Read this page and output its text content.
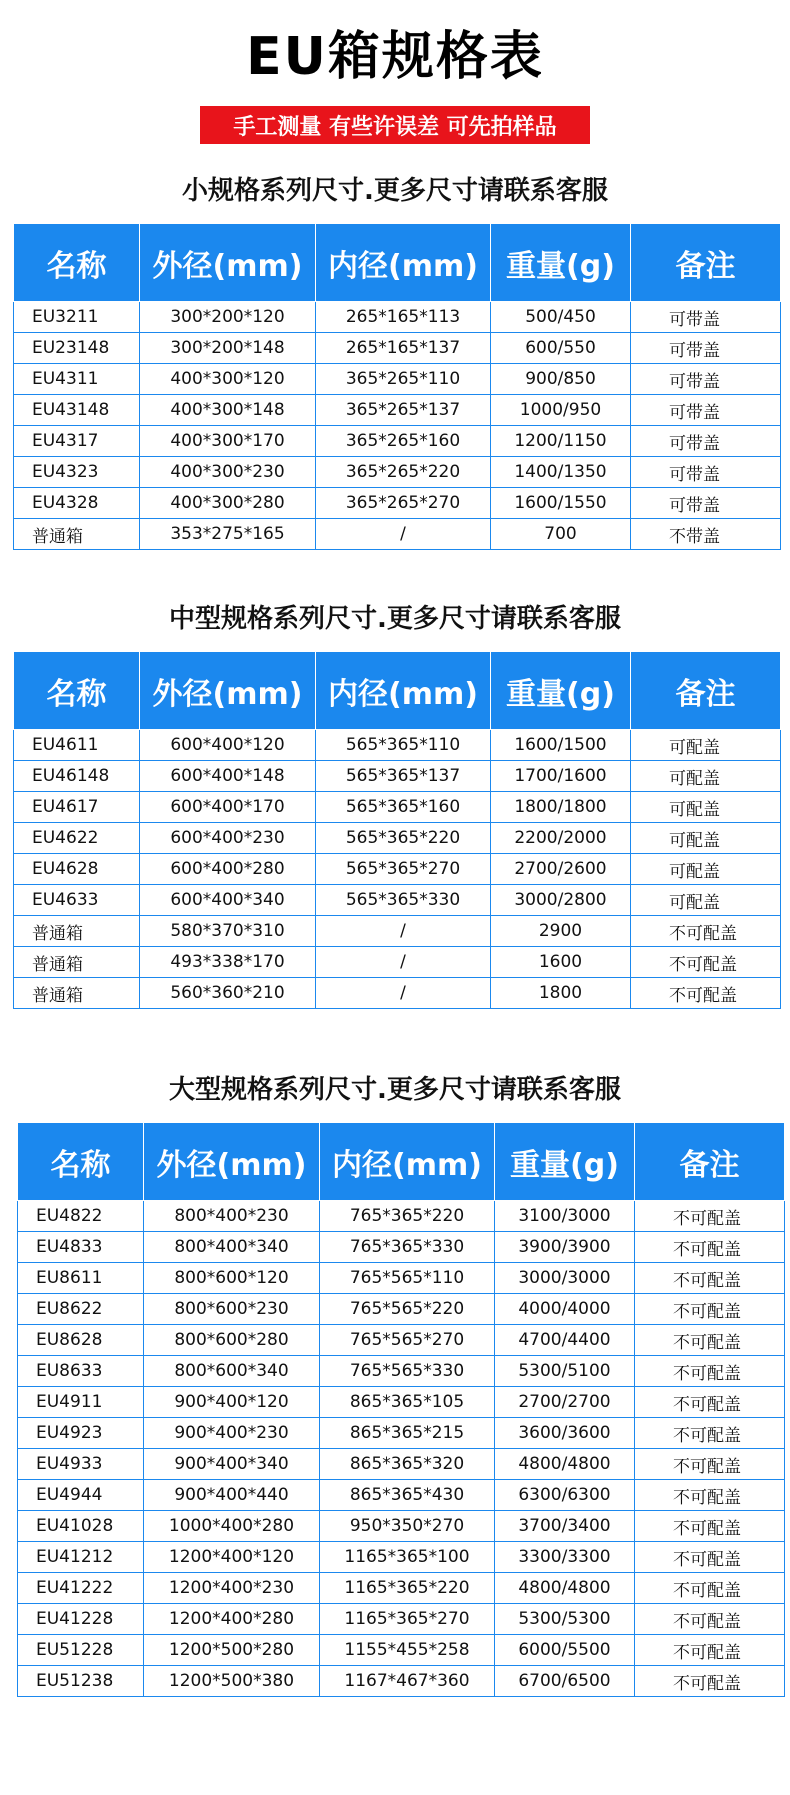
EU箱规格表
手工测量 有些许误差 可先拍样品
小规格系列尺寸.更多尺寸请联系客服
名称	外径(mm)	内径(mm)	重量(g)	备注
EU3211	300*200*120	265*165*113	500/450	可带盖
EU23148	300*200*148	265*165*137	600/550	可带盖
EU4311	400*300*120	365*265*110	900/850	可带盖
EU43148	400*300*148	365*265*137	1000/950	可带盖
EU4317	400*300*170	365*265*160	1200/1150	可带盖
EU4323	400*300*230	365*265*220	1400/1350	可带盖
EU4328	400*300*280	365*265*270	1600/1550	可带盖
普通箱	353*275*165	/	700	不带盖
中型规格系列尺寸.更多尺寸请联系客服
名称	外径(mm)	内径(mm)	重量(g)	备注
EU4611	600*400*120	565*365*110	1600/1500	可配盖
EU46148	600*400*148	565*365*137	1700/1600	可配盖
EU4617	600*400*170	565*365*160	1800/1800	可配盖
EU4622	600*400*230	565*365*220	2200/2000	可配盖
EU4628	600*400*280	565*365*270	2700/2600	可配盖
EU4633	600*400*340	565*365*330	3000/2800	可配盖
普通箱	580*370*310	/	2900	不可配盖
普通箱	493*338*170	/	1600	不可配盖
普通箱	560*360*210	/	1800	不可配盖
大型规格系列尺寸.更多尺寸请联系客服
名称	外径(mm)	内径(mm)	重量(g)	备注
EU4822	800*400*230	765*365*220	3100/3000	不可配盖
EU4833	800*400*340	765*365*330	3900/3900	不可配盖
EU8611	800*600*120	765*565*110	3000/3000	不可配盖
EU8622	800*600*230	765*565*220	4000/4000	不可配盖
EU8628	800*600*280	765*565*270	4700/4400	不可配盖
EU8633	800*600*340	765*565*330	5300/5100	不可配盖
EU4911	900*400*120	865*365*105	2700/2700	不可配盖
EU4923	900*400*230	865*365*215	3600/3600	不可配盖
EU4933	900*400*340	865*365*320	4800/4800	不可配盖
EU4944	900*400*440	865*365*430	6300/6300	不可配盖
EU41028	1000*400*280	950*350*270	3700/3400	不可配盖
EU41212	1200*400*120	1165*365*100	3300/3300	不可配盖
EU41222	1200*400*230	1165*365*220	4800/4800	不可配盖
EU41228	1200*400*280	1165*365*270	5300/5300	不可配盖
EU51228	1200*500*280	1155*455*258	6000/5500	不可配盖
EU51238	1200*500*380	1167*467*360	6700/6500	不可配盖
